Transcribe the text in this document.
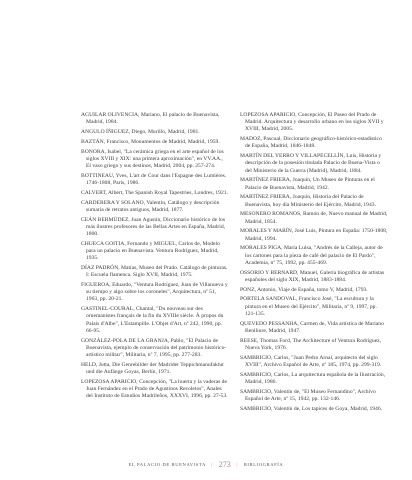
AGUILAR OLIVENCIA, Mariano, El palacio de Buenavista, Madrid, 1984.

ANGULO ÍÑIGUEZ, Diego, Murillo, Madrid, 1981.

BAZTÁN, Francisco, Monumentos de Madrid, Madrid, 1959.

BONORA, Isabel, "La cerámica griega en el arte español de los siglos XVIII y XIX: una primera aproximación", en VV.AA., El vaso griego y sus destinos, Madrid, 2004, pp. 257-274.

BOTTINEAU, Yves, L'art de Cour dans l'Espagne des Lumières. 1746-1808, París, 1986.

CALVERT, Albert, The Spanish Royal Tapestries, Londres, 1921.

CARDERERA Y SOLANO, Valentín, Catálogo y descripción sumaria de retratos antiguos, Madrid, 1877.

CEÁN BERMÚDEZ, Juan Agustín, Diccionario histórico de los más ilustres profesores de las Bellas Artes en España, Madrid, 1800.

CHUECA GOITIA, Fernando y MIGUEL, Carlos de, Modelo para un palacio en Buenavista. Ventura Rodríguez, Madrid, 1935.

DÍAZ PADRÓN, Matías, Museo del Prado. Catálogo de pinturas. I: Escuela flamenca. Siglo XVII, Madrid, 1975.

FIGUEROA, Eduardo, "Ventura Rodríguez, Juan de Villanueva y su tiempo y algo sobre los coroneles", Arquitectura, nº 51, 1963, pp. 20-21.

GASTINEL-COURAL, Chantal, "Du nouveau sur des ornemanistes français de la fin du XVIIIe siècle. À propos du Palais d'Albe", L'Estampille. L'Objet d'Art, nº 242, 1990, pp. 66-95.

GONZÁLEZ-POLA DE LA GRANJA, Pablo, "El Palacio de Buenavista, ejemplo de conservación del patrimonio histórico-artístico militar", Militaria, nº 7, 1995, pp. 277-283.

HELD, Jutta, Die Genrebilder der Madrider Teppichmanufaktur und die Anfänge Goyas, Berlín, 1971.

LOPEZOSA APARICIO, Concepción, "La huerta y la vaderas de Juan Fernández en el Prado de Agustinos Recoletos", Anales del Instituto de Estudios Madrileños, XXXVI, 1996, pp. 27-53.

LOPEZOSA APARICIO, Concepción, El Paseo del Prado de Madrid. Arquitectura y desarrollo urbano en los siglos XVII y XVIII, Madrid, 2005.

MADOZ, Pascual, Diccionario geográfico-histórico-estadístico de España, Madrid, 1846-1848.

MARTÍN DEL YERRO Y VILLAPECELLÍN, Luis, Historia y descripción de la posesión titulada Palacio de Buena-Vista o del Ministerio de la Guerra (Madrid), Madrid, 1884.

MARTÍNEZ FRIERA, Joaquín, Un Museo de Pinturas en el Palacio de Buenavista, Madrid, 1942.

MARTÍNEZ FRIERA, Joaquín, Historia del Palacio de Buenavista, hoy día Ministerio del Ejército, Madrid, 1943.

MESONERO ROMANOS, Ramón de, Nuevo manual de Madrid, Madrid, 1854.

MORALES Y MARÍN, José Luis, Pintura en España: 1750-1808, Madrid, 1994.

MORALES PIGA, María Luisa, "Andrés de la Calleja, autor de los cartones para la pieza de café del palacio de El Pardo", Academia, nº 75, 1992, pp. 455-469.

OSSORIO Y BERNARD, Manuel, Galería biográfica de artistas españoles del siglo XIX, Madrid, 1883-1884.

PONZ, Antonio, Viaje de España, tomo V, Madrid, 1793.

PORTELA SANDOVAL, Francisco José, "La escultura y la pintura en el Museo del Ejército", Militaria, nº 9, 1997, pp. 121-135.

QUEVEDO PESSANHA, Carmen de, Vida artística de Mariano Benlliure, Madrid, 1947.

REESE, Thomas Ford, The Architecture of Ventura Rodríguez, Nueva York, 1976.

SAMBRICIO, Carlos, "Juan Pedro Arnal, arquitecto del siglo XVIII", Archivo Español de Arte, nº 185, 1974, pp. 299-319.

SAMBRICIO, Carlos, La arquitectura española de la Ilustración, Madrid, 1986.

SAMBRICIO, Valentín de, "El Museo Fernandino", Archivo Español de Arte, nº 15, 1942, pp. 132-146.

SAMBRICIO, Valentín de, Los tapices de Goya, Madrid, 1946.

EL PALACIO DE BUENAVISTA | 273 | BIBLIOGRAFÍA
